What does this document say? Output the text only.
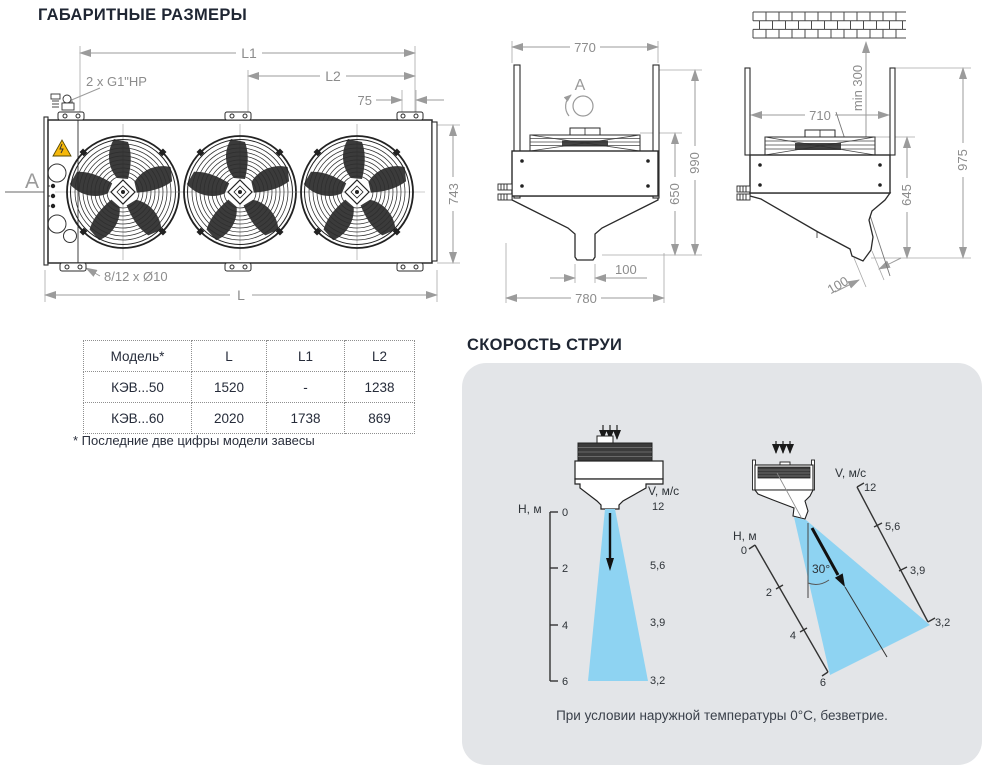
ГАБАРИТНЫЕ РАЗМЕРЫ
L1
L2
75
743
L
2 x G1"HP
8/12 x Ø10
A
770
990
650
100
780
A	min 300
710
975
645
100
Модель*	L	L1	L2
КЭВ...50	1520	-	1238
КЭВ...60	2020	1738	869
* Последние две цифры модели завесы
СКОРОСТЬ СТРУИ
H, м 0
2
4
6
V, м/с
12
5,6
3,9
3,2
30°
H, м
0
2
4
6
V, м/с
12
5,6
3,9
3,2
При условии наружной температуры 0°С, безветрие.
